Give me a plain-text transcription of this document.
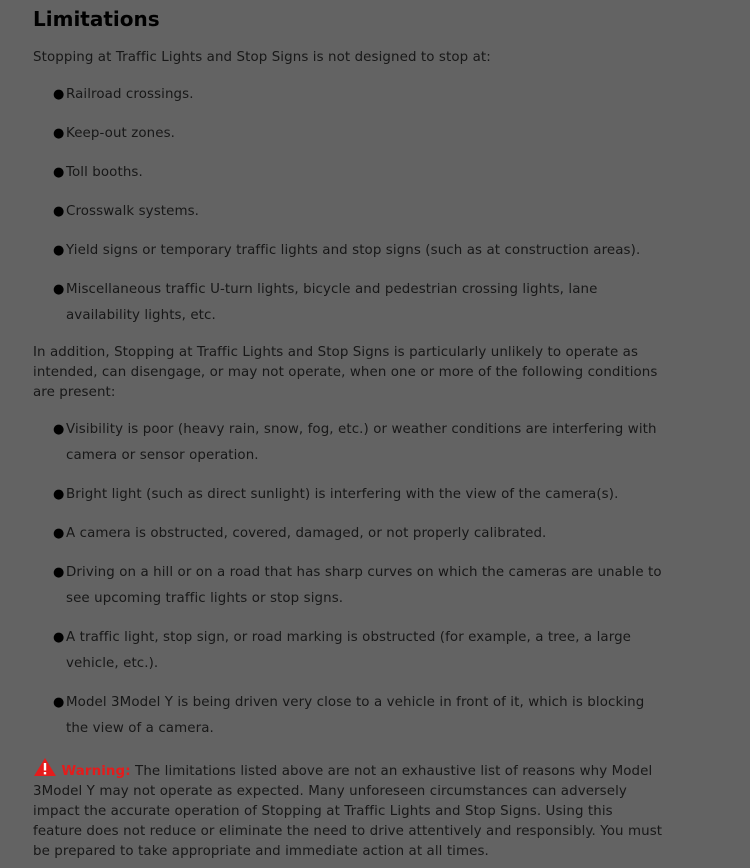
Limitations

Stopping at Traffic Lights and Stop Signs is not designed to stop at:

● Railroad crossings.
● Keep-out zones.
● Toll booths.
● Crosswalk systems.
● Yield signs or temporary traffic lights and stop signs (such as at construction areas).
● Miscellaneous traffic U-turn lights, bicycle and pedestrian crossing lights, lane availability lights, etc.

In addition, Stopping at Traffic Lights and Stop Signs is particularly unlikely to operate as intended, can disengage, or may not operate, when one or more of the following conditions are present:

● Visibility is poor (heavy rain, snow, fog, etc.) or weather conditions are interfering with camera or sensor operation.
● Bright light (such as direct sunlight) is interfering with the view of the camera(s).
● A camera is obstructed, covered, damaged, or not properly calibrated.
● Driving on a hill or on a road that has sharp curves on which the cameras are unable to see upcoming traffic lights or stop signs.
● A traffic light, stop sign, or road marking is obstructed (for example, a tree, a large vehicle, etc.).
● Model 3Model Y is being driven very close to a vehicle in front of it, which is blocking the view of a camera.

Warning: The limitations listed above are not an exhaustive list of reasons why Model 3Model Y may not operate as expected. Many unforeseen circumstances can adversely impact the accurate operation of Stopping at Traffic Lights and Stop Signs. Using this feature does not reduce or eliminate the need to drive attentively and responsibly. You must be prepared to take appropriate and immediate action at all times.
